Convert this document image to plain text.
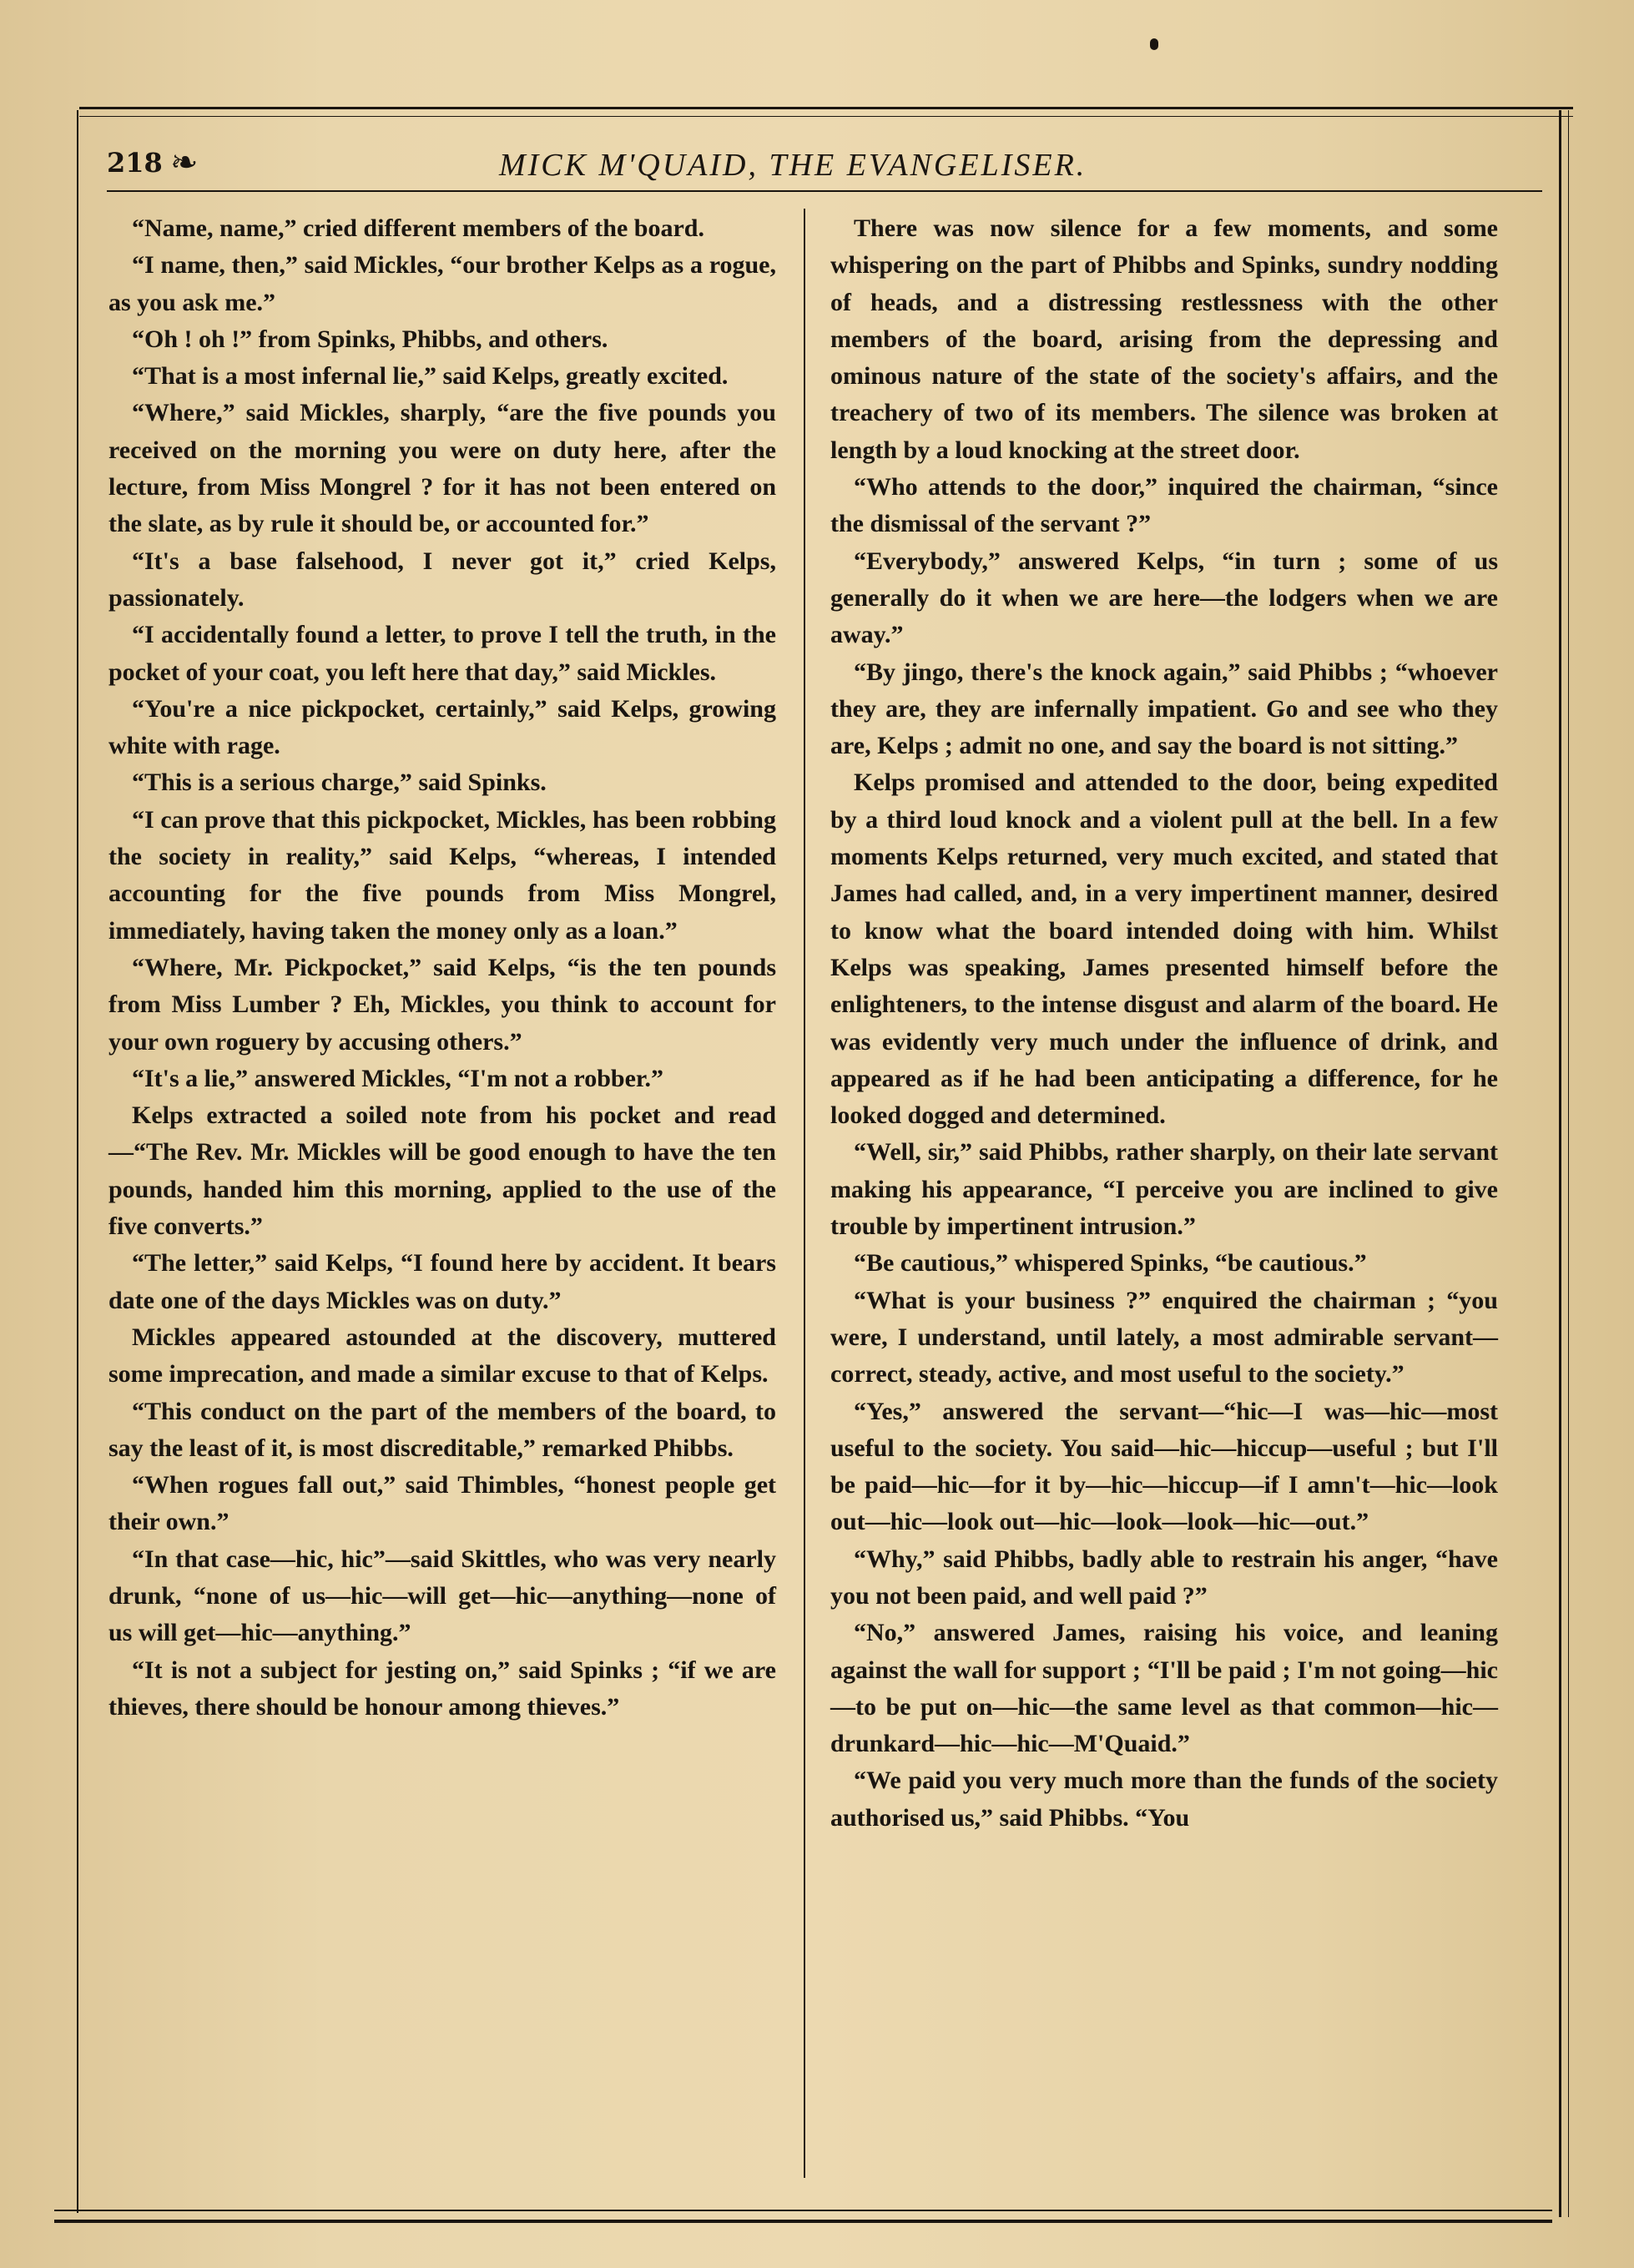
218 ❧	MICK M'QUAID, THE EVANGELISER.

“Name, name,” cried different members of the board.

“I name, then,” said Mickles, “our brother Kelps as a rogue, as you ask me.”

“Oh ! oh !” from Spinks, Phibbs, and others.

“That is a most infernal lie,” said Kelps, greatly excited.

“Where,” said Mickles, sharply, “are the five pounds you received on the morning you were on duty here, after the lecture, from Miss Mongrel ? for it has not been entered on the slate, as by rule it should be, or accounted for.”

“It's a base falsehood, I never got it,” cried Kelps, passionately.

“I accidentally found a letter, to prove I tell the truth, in the pocket of your coat, you left here that day,” said Mickles.

“You're a nice pickpocket, certainly,” said Kelps, growing white with rage.

“This is a serious charge,” said Spinks.

“I can prove that this pickpocket, Mickles, has been robbing the society in reality,” said Kelps, “whereas, I intended accounting for the five pounds from Miss Mongrel, immediately, having taken the money only as a loan.”

“Where, Mr. Pickpocket,” said Kelps, “is the ten pounds from Miss Lumber ? Eh, Mickles, you think to account for your own roguery by accusing others.”

“It's a lie,” answered Mickles, “I'm not a robber.”

Kelps extracted a soiled note from his pocket and read—“The Rev. Mr. Mickles will be good enough to have the ten pounds, handed him this morning, applied to the use of the five converts.”

“The letter,” said Kelps, “I found here by accident. It bears date one of the days Mickles was on duty.”

Mickles appeared astounded at the discovery, muttered some imprecation, and made a similar excuse to that of Kelps.

“This conduct on the part of the members of the board, to say the least of it, is most discreditable,” remarked Phibbs.

“When rogues fall out,” said Thimbles, “honest people get their own.”

“In that case—hic, hic”—said Skittles, who was very nearly drunk, “none of us—hic—will get—hic—anything—none of us will get—hic—anything.”

“It is not a subject for jesting on,” said Spinks ; “if we are thieves, there should be honour among thieves.”

There was now silence for a few moments, and some whispering on the part of Phibbs and Spinks, sundry nodding of heads, and a distressing restlessness with the other members of the board, arising from the depressing and ominous nature of the state of the society's affairs, and the treachery of two of its members. The silence was broken at length by a loud knocking at the street door.

“Who attends to the door,” inquired the chairman, “since the dismissal of the servant ?”

“Everybody,” answered Kelps, “in turn ; some of us generally do it when we are here—the lodgers when we are away.”

“By jingo, there's the knock again,” said Phibbs ; “whoever they are, they are infernally impatient. Go and see who they are, Kelps ; admit no one, and say the board is not sitting.”

Kelps promised and attended to the door, being expedited by a third loud knock and a violent pull at the bell. In a few moments Kelps returned, very much excited, and stated that James had called, and, in a very impertinent manner, desired to know what the board intended doing with him. Whilst Kelps was speaking, James presented himself before the enlighteners, to the intense disgust and alarm of the board. He was evidently very much under the influence of drink, and appeared as if he had been anticipating a difference, for he looked dogged and determined.

“Well, sir,” said Phibbs, rather sharply, on their late servant making his appearance, “I perceive you are inclined to give trouble by impertinent intrusion.”

“Be cautious,” whispered Spinks, “be cautious.”

“What is your business ?” enquired the chairman ; “you were, I understand, until lately, a most admirable servant—correct, steady, active, and most useful to the society.”

“Yes,” answered the servant—“hic—I was—hic—most useful to the society. You said—hic—hiccup—useful ; but I'll be paid—hic—for it by—hic—hiccup—if I amn't—hic—look out—hic—look out—hic—look—look—hic—out.”

“Why,” said Phibbs, badly able to restrain his anger, “have you not been paid, and well paid ?”

“No,” answered James, raising his voice, and leaning against the wall for support ; “I'll be paid ; I'm not going—hic—to be put on—hic—the same level as that common—hic—drunkard—hic—hic—M'Quaid.”

“We paid you very much more than the funds of the society authorised us,” said Phibbs. “You
